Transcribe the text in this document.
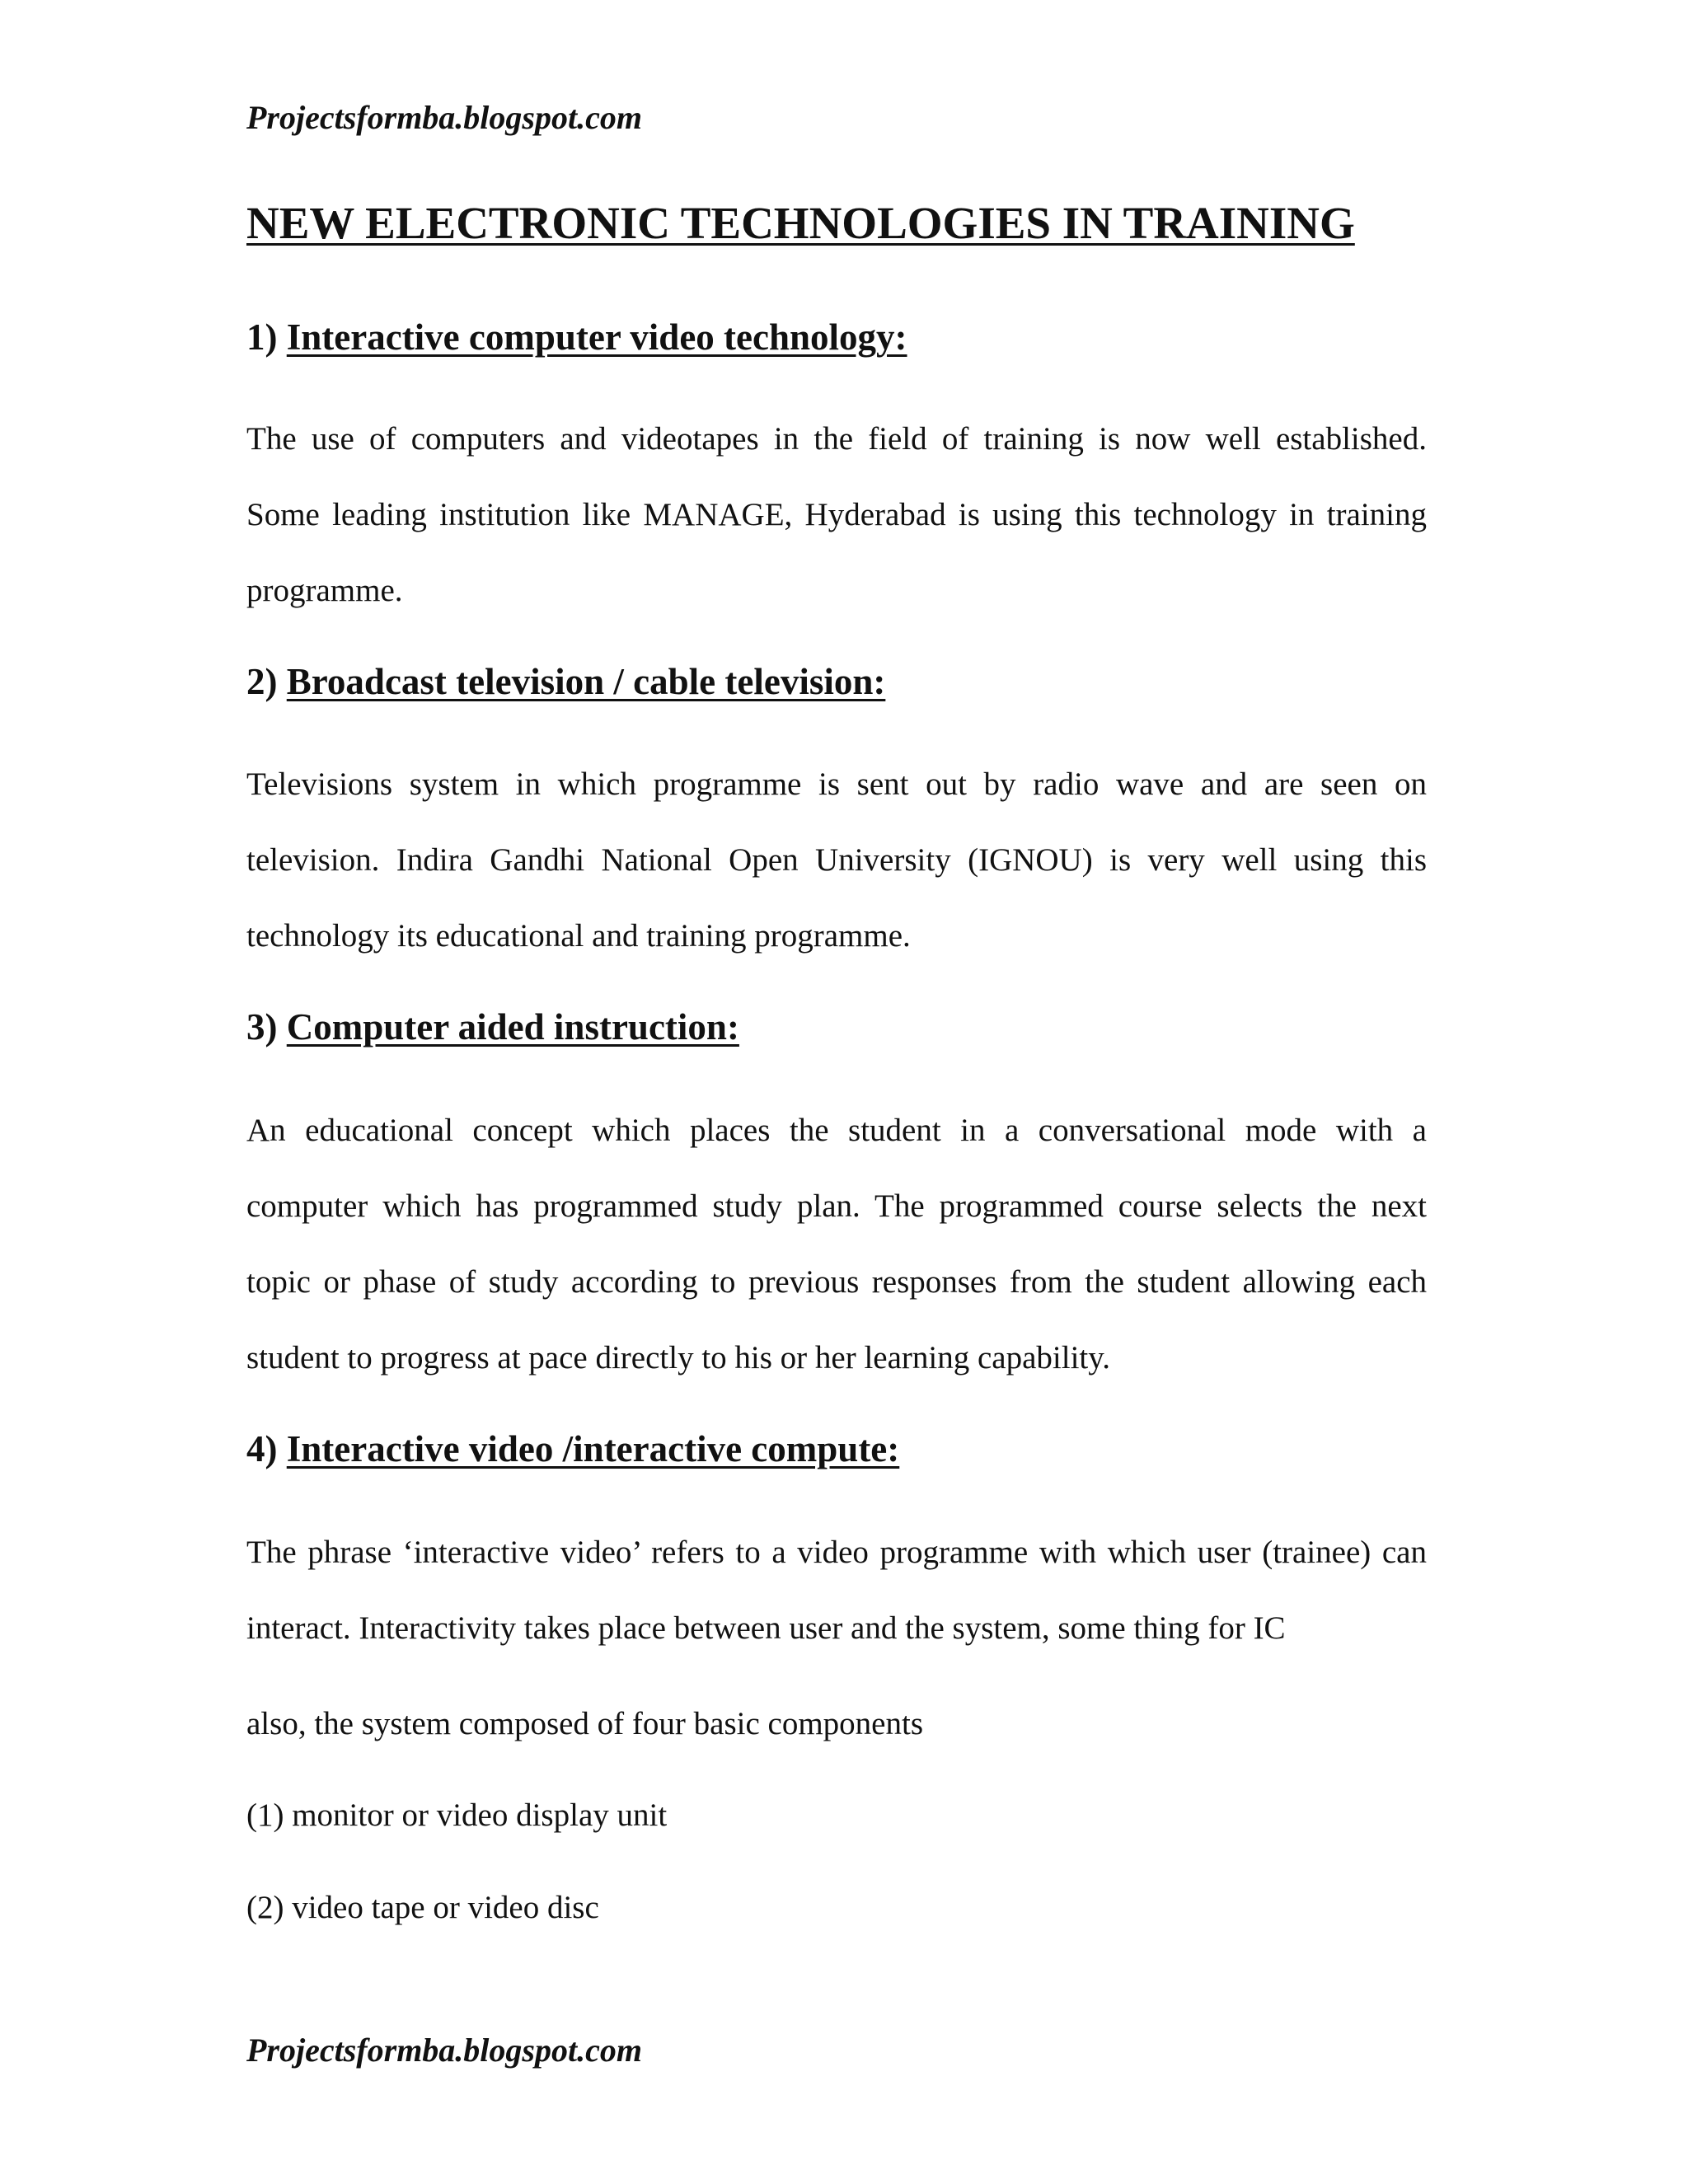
Projectsformba.blogspot.com
NEW ELECTRONIC TECHNOLOGIES IN TRAINING
1) Interactive computer video technology:
The use of computers and videotapes in the field of training is now well established.
Some leading institution like MANAGE, Hyderabad is using this technology in training
programme.
2) Broadcast television / cable television:
Televisions system in which programme is sent out by radio wave and are seen on
television. Indira Gandhi National Open University (IGNOU) is very well using this
technology its educational and training programme.
3) Computer aided instruction:
An educational concept which places the student in a conversational mode with a
computer which has programmed study plan. The programmed course selects the next
topic or phase of study according to previous responses from the student allowing each
student to progress at pace directly to his or her learning capability.
4) Interactive video /interactive compute:
The phrase ‘interactive video’ refers to a video programme with which user (trainee) can
interact. Interactivity takes place between user and the system, some thing for IC
also, the system composed of four basic components
(1) monitor or video display unit
(2) video tape or video disc
Projectsformba.blogspot.com
